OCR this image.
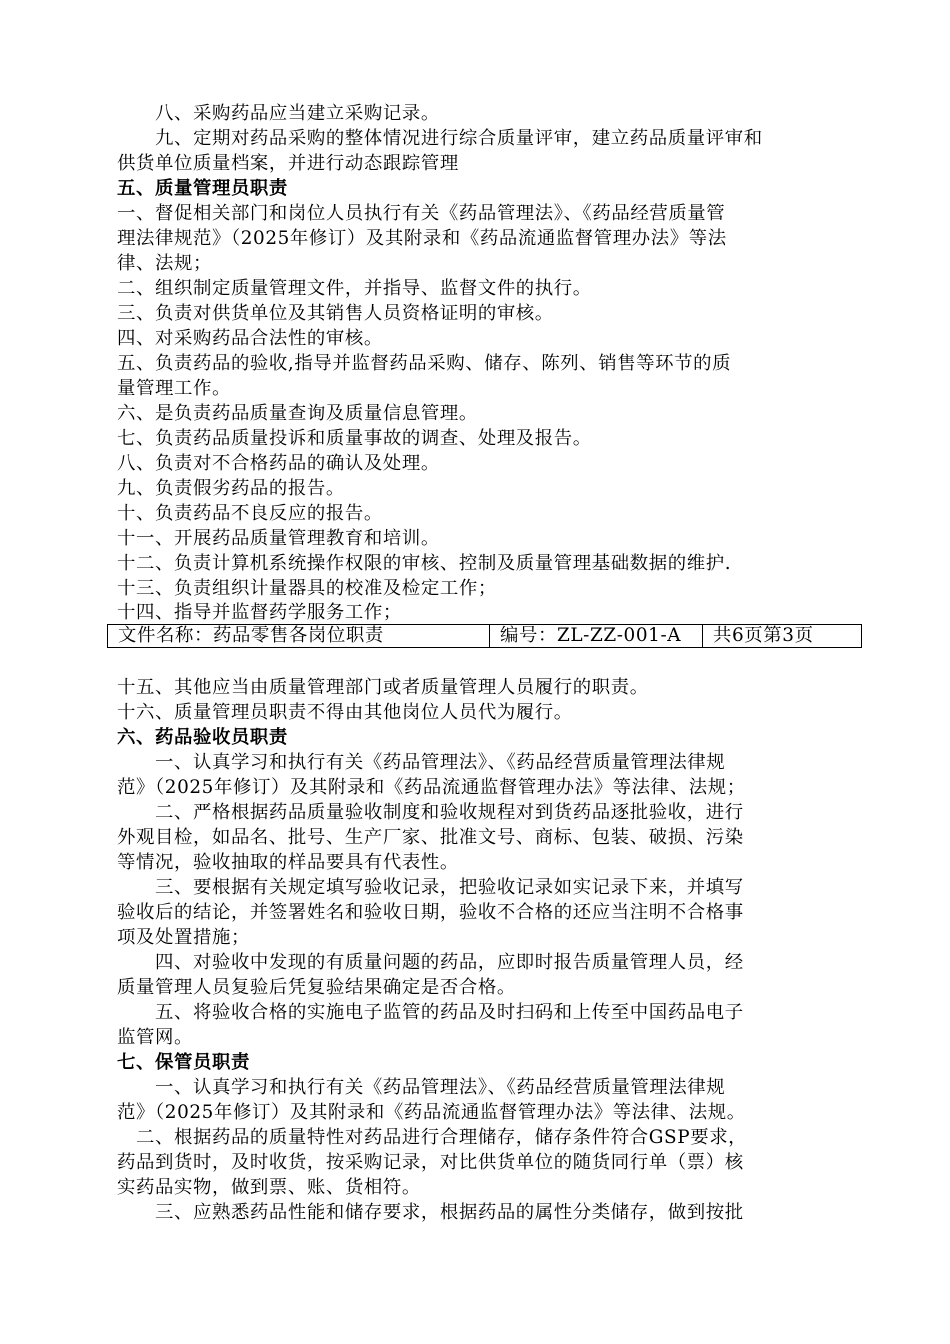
　　八、采购药品应当建立采购记录。
　　九、定期对药品采购的整体情况进行综合质量评审，建立药品质量评审和
供货单位质量档案，并进行动态跟踪管理
五、质量管理员职责
一、督促相关部门和岗位人员执行有关《药品管理法》、《药品经营质量管
理法律规范》（2025年修订）及其附录和《药品流通监督管理办法》等法
律、法规；
二、组织制定质量管理文件，并指导、监督文件的执行。
三、负责对供货单位及其销售人员资格证明的审核。
四、对采购药品合法性的审核。
五、负责药品的验收,指导并监督药品采购、储存、陈列、销售等环节的质
量管理工作。
六、是负责药品质量查询及质量信息管理。
七、负责药品质量投诉和质量事故的调查、处理及报告。
八、负责对不合格药品的确认及处理。
九、负责假劣药品的报告。
十、负责药品不良反应的报告。
十一、开展药品质量管理教育和培训。
十二、负责计算机系统操作权限的审核、控制及质量管理基础数据的维护.
十三、负责组织计量器具的校准及检定工作；
十四、指导并监督药学服务工作；
文件名称：药品零售各岗位职责	编号：ZL-ZZ-001-A	共6页第3页
十五、其他应当由质量管理部门或者质量管理人员履行的职责。
十六、质量管理员职责不得由其他岗位人员代为履行。
六、药品验收员职责
　　一、认真学习和执行有关《药品管理法》、《药品经营质量管理法律规
范》（2025年修订）及其附录和《药品流通监督管理办法》等法律、法规；
　　二、严格根据药品质量验收制度和验收规程对到货药品逐批验收，进行
外观目检，如品名、批号、生产厂家、批准文号、商标、包装、破损、污染
等情况，验收抽取的样品要具有代表性。
　　三、要根据有关规定填写验收记录，把验收记录如实记录下来，并填写
验收后的结论，并签署姓名和验收日期，验收不合格的还应当注明不合格事
项及处置措施；
　　四、对验收中发现的有质量问题的药品，应即时报告质量管理人员，经
质量管理人员复验后凭复验结果确定是否合格。
　　五、将验收合格的实施电子监管的药品及时扫码和上传至中国药品电子
监管网。
七、保管员职责
　　一、认真学习和执行有关《药品管理法》、《药品经营质量管理法律规
范》（2025年修订）及其附录和《药品流通监督管理办法》等法律、法规。
　二、根据药品的质量特性对药品进行合理储存，储存条件符合GSP要求，
药品到货时，及时收货，按采购记录，对比供货单位的随货同行单（票）核
实药品实物，做到票、账、货相符。
　　三、应熟悉药品性能和储存要求，根据药品的属性分类储存，做到按批
